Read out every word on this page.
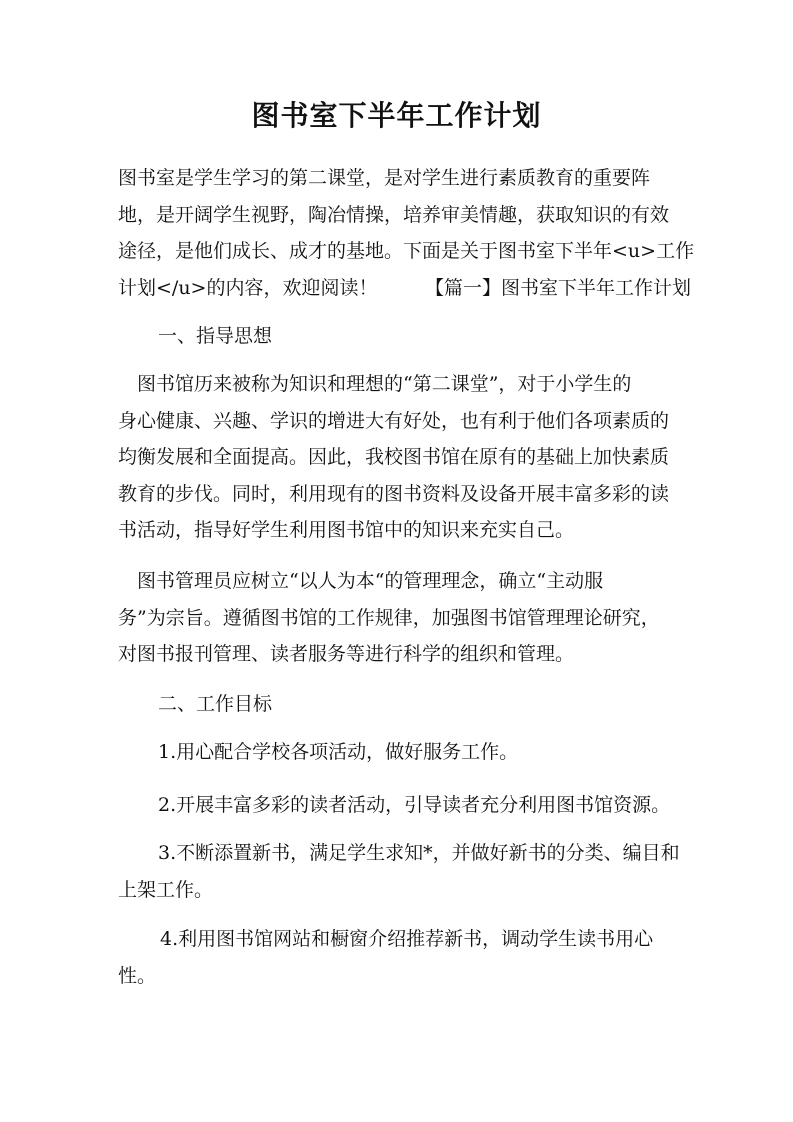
图书室下半年工作计划
图书室是学生学习的第二课堂，是对学生进行素质教育的重要阵
地，是开阔学生视野，陶冶情操，培养审美情趣，获取知识的有效
途径，是他们成长、成才的基地。下面是关于图书室下半年<u>工作
计划</u>的内容，欢迎阅读！　　　【篇一】图书室下半年工作计划
一、指导思想
　图书馆历来被称为知识和理想的“第二课堂”，对于小学生的
身心健康、兴趣、学识的增进大有好处，也有利于他们各项素质的
均衡发展和全面提高。因此，我校图书馆在原有的基础上加快素质
教育的步伐。同时，利用现有的图书资料及设备开展丰富多彩的读
书活动，指导好学生利用图书馆中的知识来充实自己。
　图书管理员应树立“以人为本“的管理理念，确立“主动服
务”为宗旨。遵循图书馆的工作规律，加强图书馆管理理论研究，
对图书报刊管理、读者服务等进行科学的组织和管理。
二、工作目标
1.用心配合学校各项活动，做好服务工作。
2.开展丰富多彩的读者活动，引导读者充分利用图书馆资源。
3.不断添置新书，满足学生求知*，并做好新书的分类、编目和
上架工作。
4.利用图书馆网站和橱窗介绍推荐新书，调动学生读书用心
性。
